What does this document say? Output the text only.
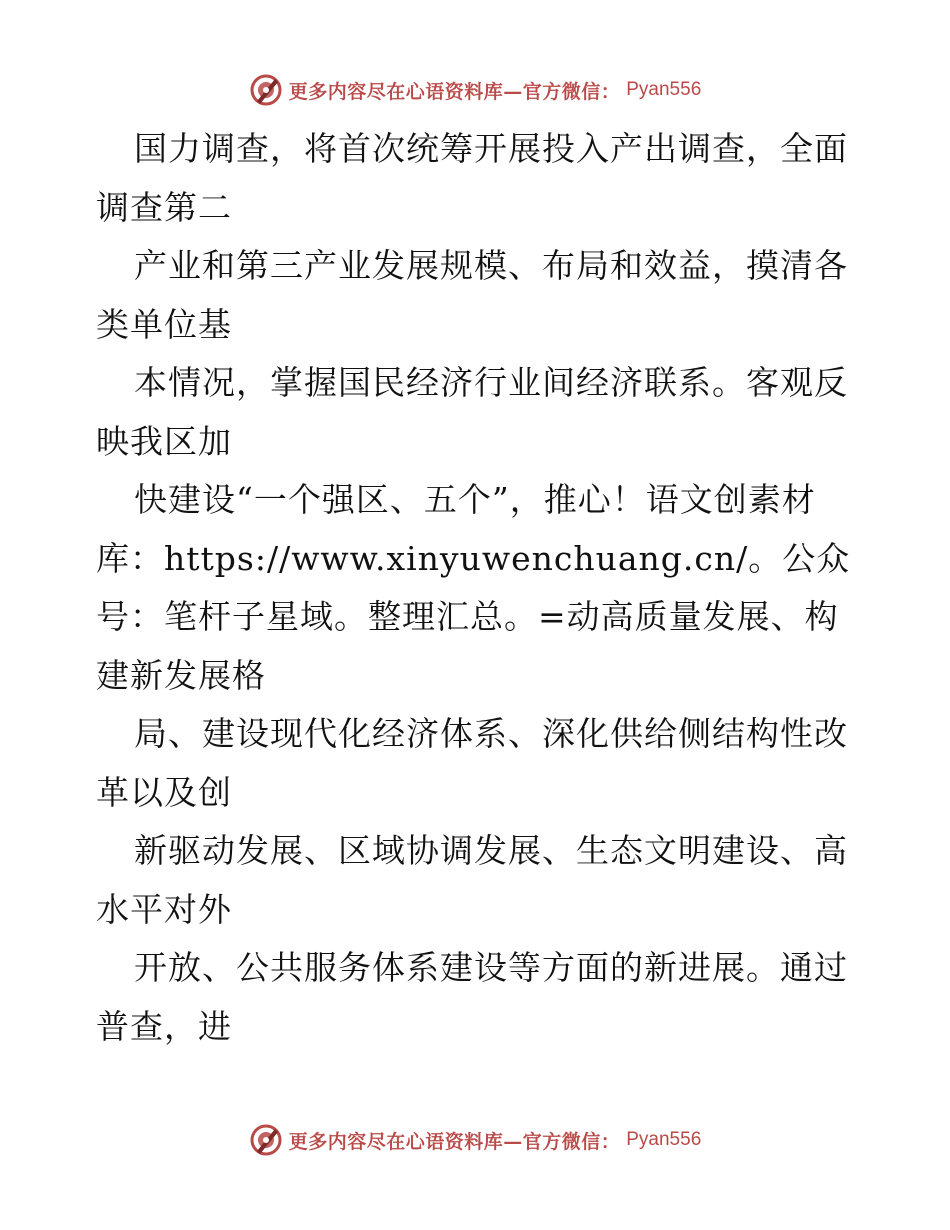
更多内容尽在心语资料库—官方微信： Pyan556

国力调查，将首次统筹开展投入产出调查，全面调查第二

产业和第三产业发展规模、布局和效益，摸清各类单位基

本情况，掌握国民经济行业间经济联系。客观反映我区加

快建设“一个强区、五个”，推心！语文创素材库：https://www.xinyuwenchuang.cn/。公众号：笔杆子星域。整理汇总。=动高质量发展、构建新发展格

局、建设现代化经济体系、深化供给侧结构性改革以及创

新驱动发展、区域协调发展、生态文明建设、高水平对外

开放、公共服务体系建设等方面的新进展。通过普查，进

更多内容尽在心语资料库—官方微信： Pyan556
